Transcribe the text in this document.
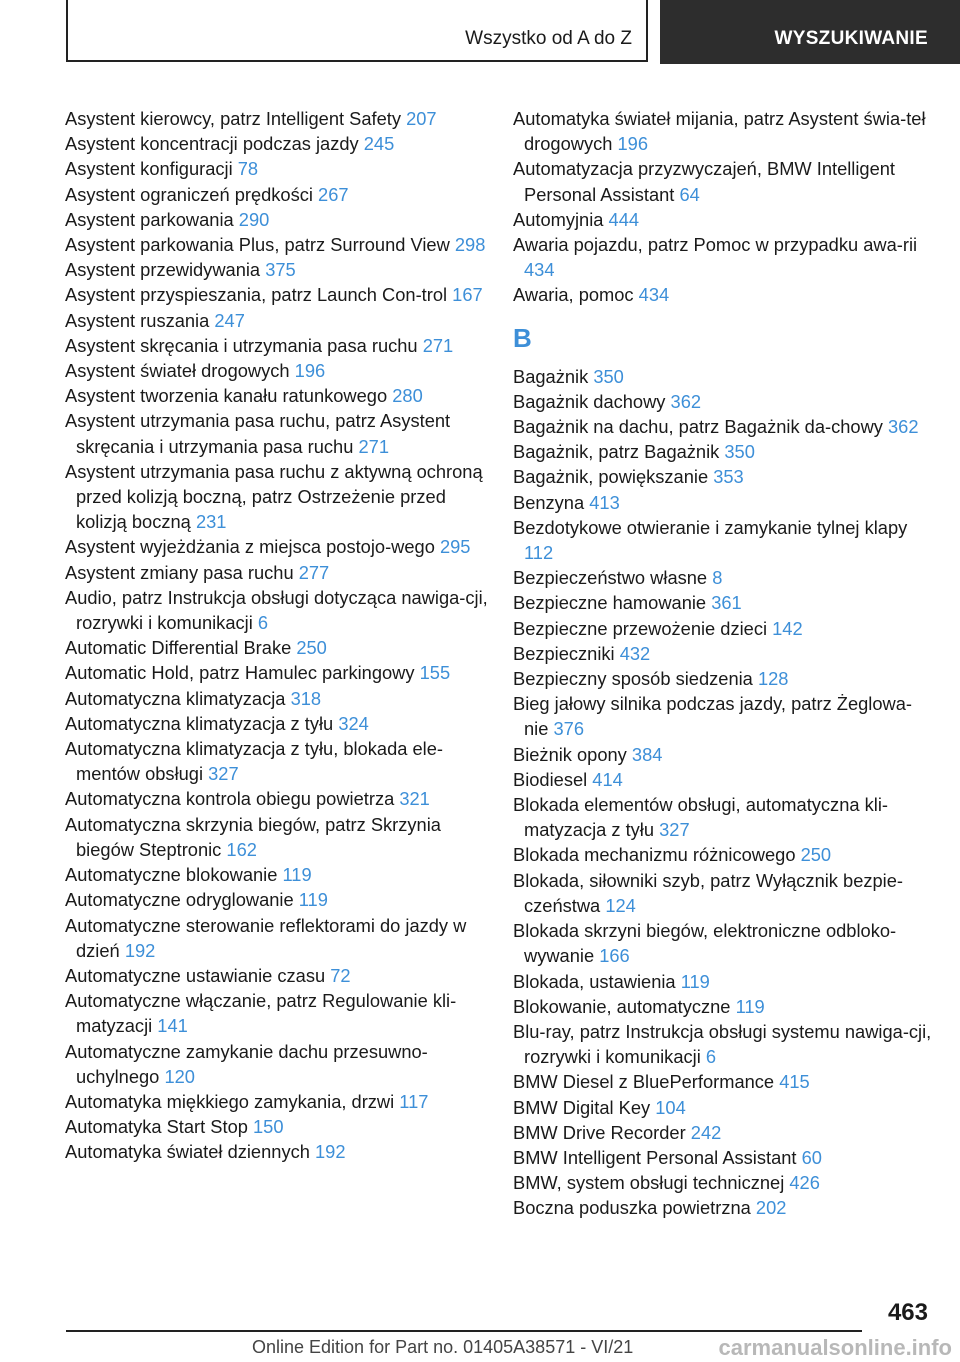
Wszystko od A do Z	WYSZUKIWANIE
Asystent kierowcy, patrz Intelligent Safety 207
Asystent koncentracji podczas jazdy 245
Asystent konfiguracji 78
Asystent ograniczeń prędkości 267
Asystent parkowania 290
Asystent parkowania Plus, patrz Surround View 298
Asystent przewidywania 375
Asystent przyspieszania, patrz Launch Con-trol 167
Asystent ruszania 247
Asystent skręcania i utrzymania pasa ruchu 271
Asystent świateł drogowych 196
Asystent tworzenia kanału ratunkowego 280
Asystent utrzymania pasa ruchu, patrz Asystent skręcania i utrzymania pasa ruchu 271
Asystent utrzymania pasa ruchu z aktywną ochroną przed kolizją boczną, patrz Ostrzeżenie przed kolizją boczną 231
Asystent wyjeżdżania z miejsca postojo-wego 295
Asystent zmiany pasa ruchu 277
Audio, patrz Instrukcja obsługi dotycząca nawiga-cji, rozrywki i komunikacji 6
Automatic Differential Brake 250
Automatic Hold, patrz Hamulec parkingowy 155
Automatyczna klimatyzacja 318
Automatyczna klimatyzacja z tyłu 324
Automatyczna klimatyzacja z tyłu, blokada ele-mentów obsługi 327
Automatyczna kontrola obiegu powietrza 321
Automatyczna skrzynia biegów, patrz Skrzynia biegów Steptronic 162
Automatyczne blokowanie 119
Automatyczne odryglowanie 119
Automatyczne sterowanie reflektorami do jazdy w dzień 192
Automatyczne ustawianie czasu 72
Automatyczne włączanie, patrz Regulowanie kli-matyzacji 141
Automatyczne zamykanie dachu przesuwno-uchylnego 120
Automatyka miękkiego zamykania, drzwi 117
Automatyka Start Stop 150
Automatyka świateł dziennych 192
Automatyka świateł mijania, patrz Asystent świa-teł drogowych 196
Automatyzacja przyzwyczajeń, BMW Intelligent Personal Assistant 64
Automyjnia 444
Awaria pojazdu, patrz Pomoc w przypadku awa-rii 434
Awaria, pomoc 434
B
Bagażnik 350
Bagażnik dachowy 362
Bagażnik na dachu, patrz Bagażnik da-chowy 362
Bagażnik, patrz Bagażnik 350
Bagażnik, powiększanie 353
Benzyna 413
Bezdotykowe otwieranie i zamykanie tylnej klapy 112
Bezpieczeństwo własne 8
Bezpieczne hamowanie 361
Bezpieczne przewożenie dzieci 142
Bezpieczniki 432
Bezpieczny sposób siedzenia 128
Bieg jałowy silnika podczas jazdy, patrz Żeglowa-nie 376
Bieżnik opony 384
Biodiesel 414
Blokada elementów obsługi, automatyczna kli-matyzacja z tyłu 327
Blokada mechanizmu różnicowego 250
Blokada, siłowniki szyb, patrz Wyłącznik bezpie-czeństwa 124
Blokada skrzyni biegów, elektroniczne odbloko-wywanie 166
Blokada, ustawienia 119
Blokowanie, automatyczne 119
Blu-ray, patrz Instrukcja obsługi systemu nawiga-cji, rozrywki i komunikacji 6
BMW Diesel z BluePerformance 415
BMW Digital Key 104
BMW Drive Recorder 242
BMW Intelligent Personal Assistant 60
BMW, system obsługi technicznej 426
Boczna poduszka powietrzna 202
463
Online Edition for Part no. 01405A38571 - VI/21	carmanualsonline.info
